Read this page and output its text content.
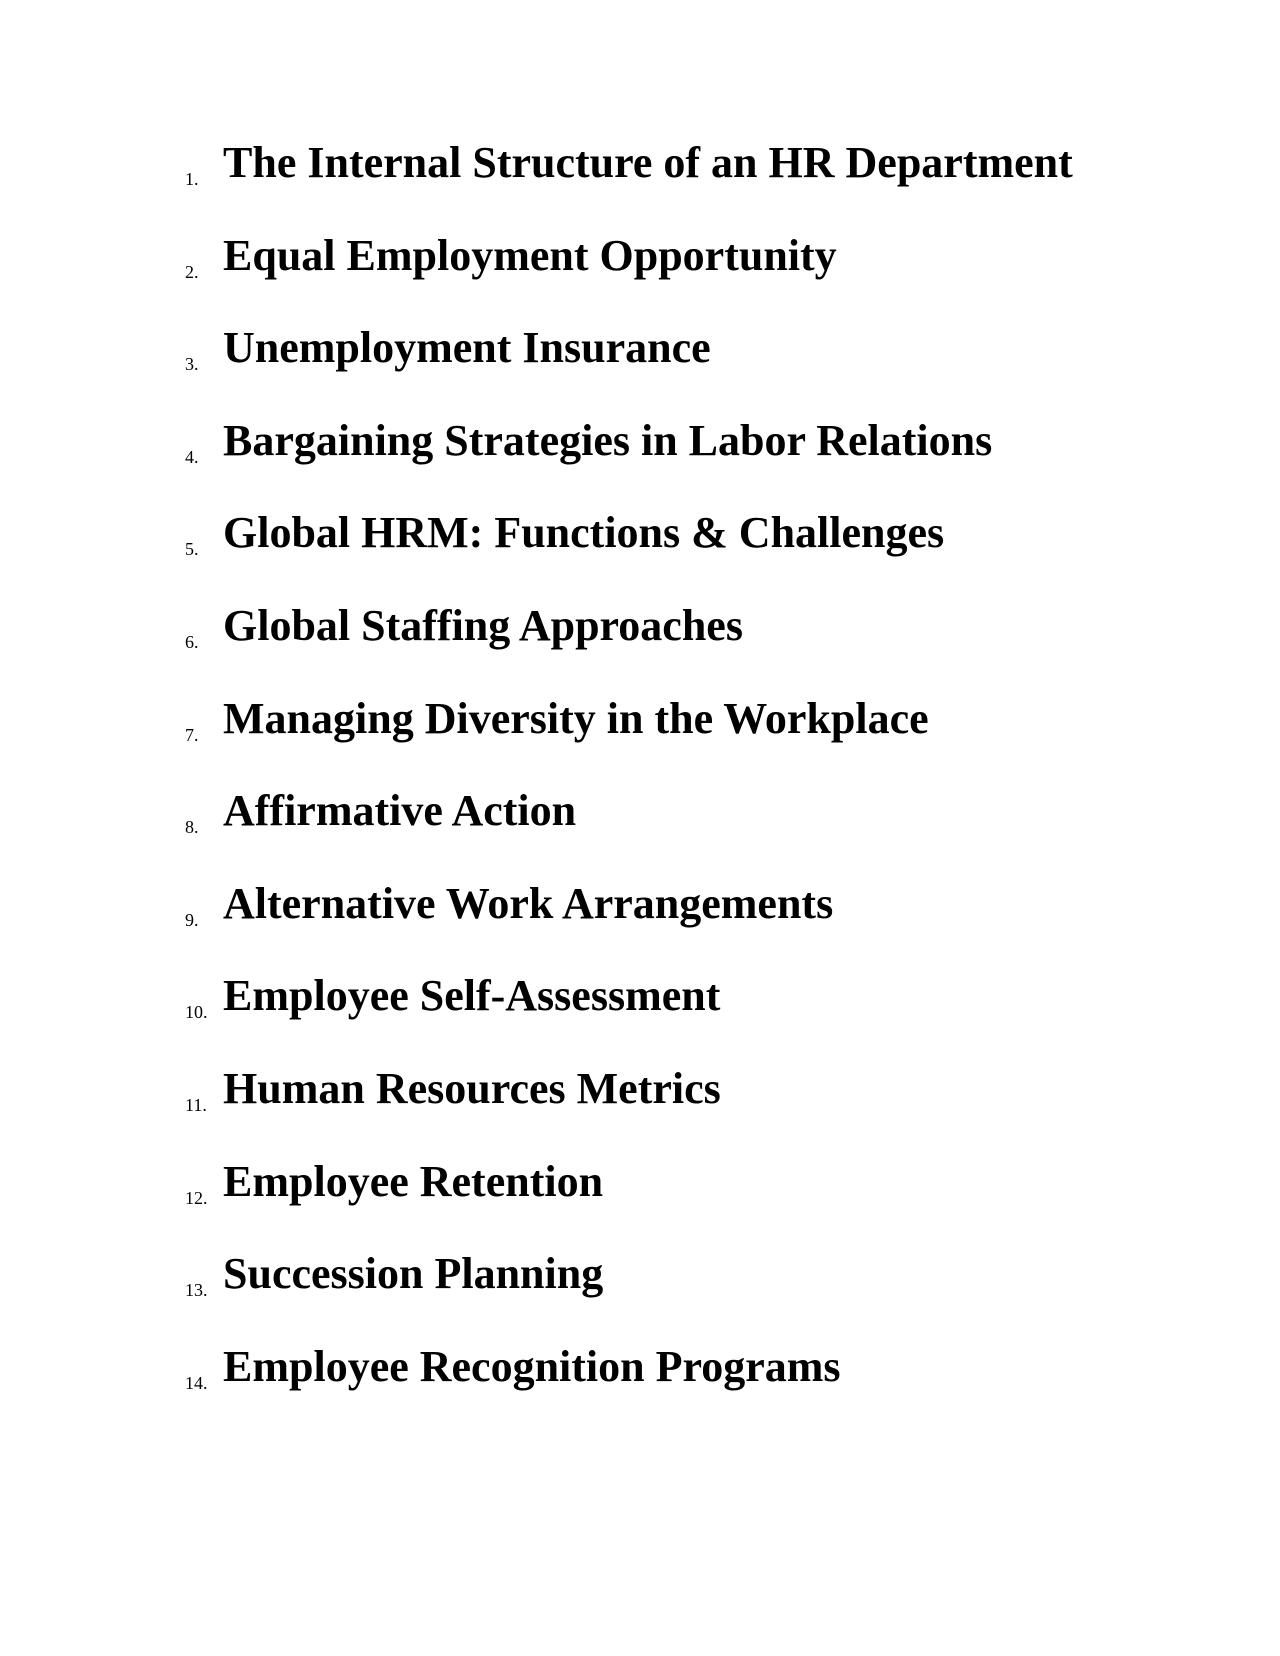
1. The Internal Structure of an HR Department
2. Equal Employment Opportunity
3. Unemployment Insurance
4. Bargaining Strategies in Labor Relations
5. Global HRM: Functions & Challenges
6. Global Staffing Approaches
7. Managing Diversity in the Workplace
8. Affirmative Action
9. Alternative Work Arrangements
10. Employee Self-Assessment
11. Human Resources Metrics
12. Employee Retention
13. Succession Planning
14. Employee Recognition Programs
